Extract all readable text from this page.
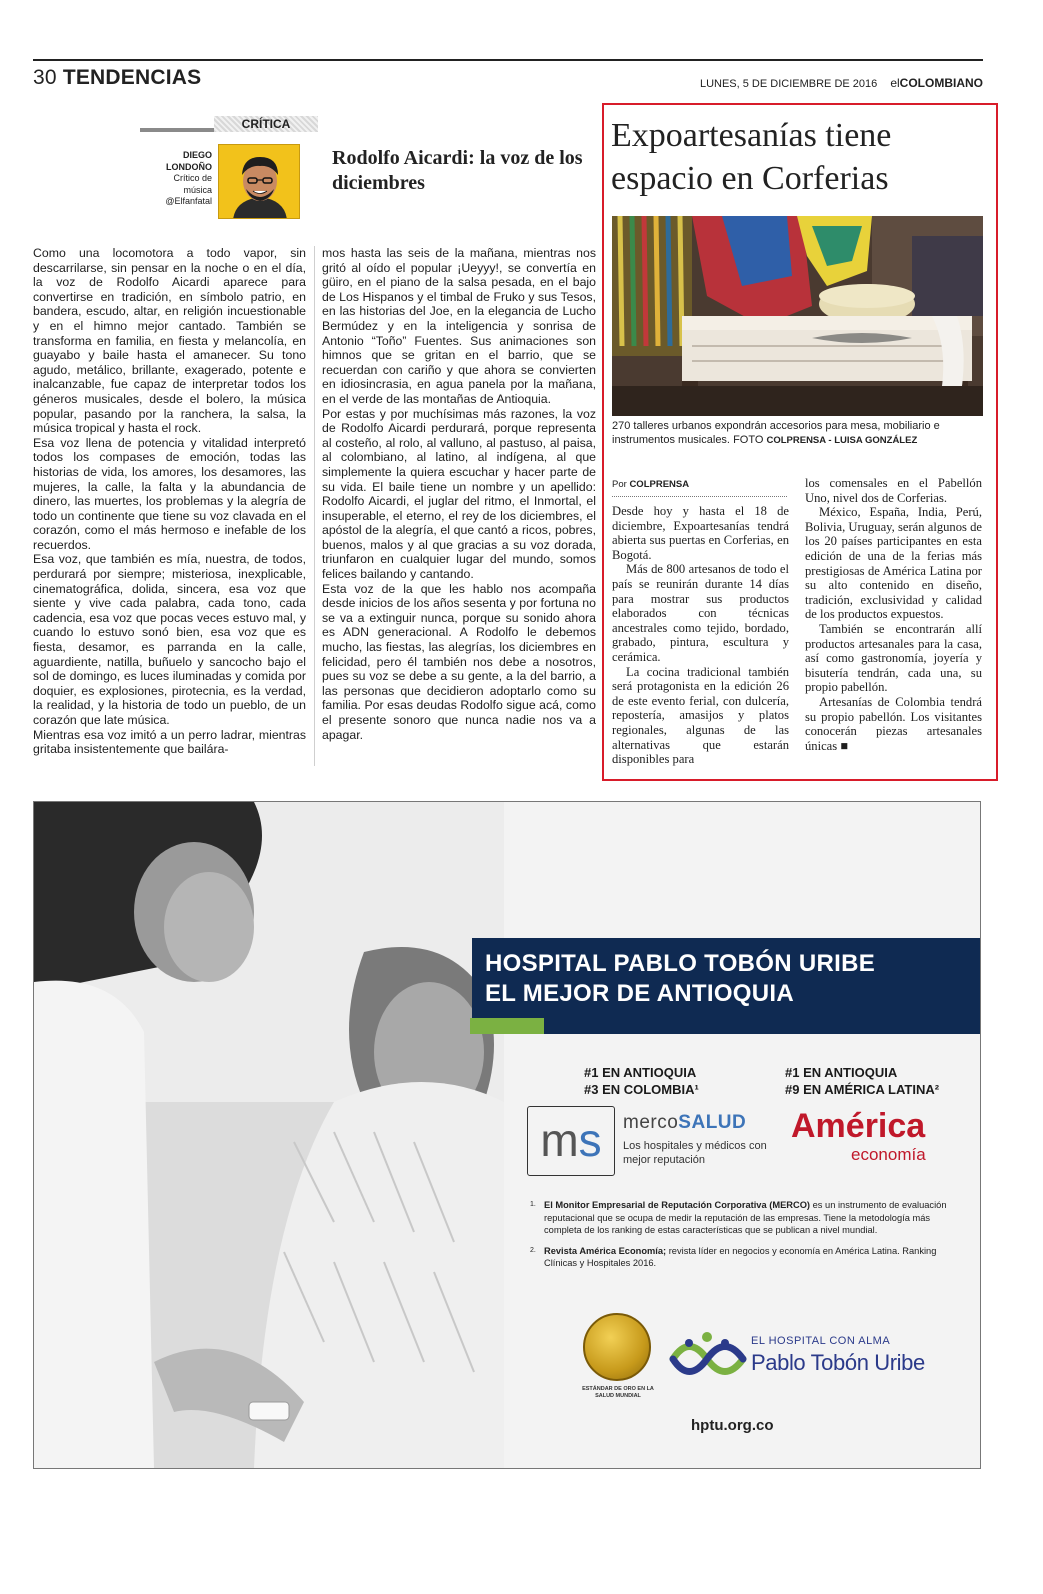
30 TENDENCIAS	LUNES, 5 DE DICIEMBRE DE 2016 elCOLOMBIANO
CRÍTICA
DIEGO
LONDOÑO
Crítico de
música
@Elfanfatal
Rodolfo Aicardi: la voz de los diciembres

Como una locomotora a todo vapor, sin descarrilarse, sin pensar en la noche o en el día, la voz de Rodolfo Aicardi aparece para convertirse en tradición, en símbolo patrio, en bandera, escudo, altar, en religión incuestionable y en el himno mejor cantado. También se transforma en familia, en fiesta y melancolía, en guayabo y baile hasta el amanecer. Su tono agudo, metálico, brillante, exagerado, potente e inalcanzable, fue capaz de interpretar todos los géneros musicales, desde el bolero, la música popular, pasando por la ranchera, la salsa, la música tropical y hasta el rock.

Esa voz llena de potencia y vitalidad interpretó todos los compases de emoción, todas las historias de vida, los amores, los desamores, las mujeres, la calle, la falta y la abundancia de dinero, las muertes, los problemas y la alegría de todo un continente que tiene su voz clavada en el corazón, como el más hermoso e inefable de los recuerdos.

Esa voz, que también es mía, nuestra, de todos, perdurará por siempre; misteriosa, inexplicable, cinematográfica, dolida, sincera, esa voz que siente y vive cada palabra, cada tono, cada cadencia, esa voz que pocas veces estuvo mal, y cuando lo estuvo sonó bien, esa voz que es fiesta, desamor, es parranda en la calle, aguardiente, natilla, buñuelo y sancocho bajo el sol de domingo, es luces iluminadas y comida por doquier, es explosiones, pirotecnia, es la verdad, la realidad, y la historia de todo un pueblo, de un corazón que late música.

Mientras esa voz imitó a un perro ladrar, mientras gritaba insistentemente que bailára-

mos hasta las seis de la mañana, mientras nos gritó al oído el popular ¡Ueyyy!, se convertía en güiro, en el piano de la salsa pesada, en el bajo de Los Hispanos y el timbal de Fruko y sus Tesos, en las historias del Joe, en la elegancia de Lucho Bermúdez y en la inteligencia y sonrisa de Antonio “Toño” Fuentes. Sus animaciones son himnos que se gritan en el barrio, que se recuerdan con cariño y que ahora se convierten en idiosincrasia, en agua panela por la mañana, en el verde de las montañas de Antioquia.

Por estas y por muchísimas más razones, la voz de Rodolfo Aicardi perdurará, porque representa al costeño, al rolo, al valluno, al pastuso, al paisa, al colombiano, al latino, al indígena, al que simplemente la quiera escuchar y hacer parte de su vida. El baile tiene un nombre y un apellido: Rodolfo Aicardi, el juglar del ritmo, el Inmortal, el insuperable, el eterno, el rey de los diciembres, el apóstol de la alegría, el que cantó a ricos, pobres, buenos, malos y al que gracias a su voz dorada, triunfaron en cualquier lugar del mundo, somos felices bailando y cantando.

Esta voz de la que les hablo nos acompaña desde inicios de los años sesenta y por fortuna no se va a extinguir nunca, porque su sonido ahora es ADN generacional. A Rodolfo le debemos mucho, las fiestas, las alegrías, los diciembres en felicidad, pero él también nos debe a nosotros, pues su voz se debe a su gente, a la del barrio, a las personas que decidieron adoptarlo como su familia. Por esas deudas Rodolfo sigue acá, como el presente sonoro que nunca nadie nos va a apagar.

Expoartesanías tiene espacio en Corferias
270 talleres urbanos expondrán accesorios para mesa, mobiliario e instrumentos musicales. FOTO COLPRENSA - LUISA GONZÁLEZ
Por COLPRENSA

Desde hoy y hasta el 18 de diciembre, Expoartesanías tendrá abierta sus puertas en Corferias, en Bogotá.

Más de 800 artesanos de todo el país se reunirán durante 14 días para mostrar sus productos elaborados con técnicas ancestrales como tejido, bordado, grabado, pintura, escultura y cerámica.

La cocina tradicional también será protagonista en la edición 26 de este evento ferial, con dulcería, repostería, amasijos y platos regionales, algunas de las alternativas que estarán disponibles para

los comensales en el Pabellón Uno, nivel dos de Corferias.

México, España, India, Perú, Bolivia, Uruguay, serán algunos de los 20 países participantes en esta edición de una de la ferias más prestigiosas de América Latina por su alto contenido en diseño, tradición, exclusividad y calidad de los productos expuestos.

También se encontrarán allí productos artesanales para la casa, así como gastronomía, joyería y bisutería tendrán, cada una, su propio pabellón.

Artesanías de Colombia tendrá su propio pabellón. Los visitantes conocerán piezas artesanales únicas ■

HOSPITAL PABLO TOBÓN URIBE
EL MEJOR DE ANTIOQUIA
#1 EN ANTIOQUIA
#3 EN COLOMBIA¹
#1 EN ANTIOQUIA
#9 EN AMÉRICA LATINA²
ms	mercoSALUD
Los hospitales y médicos con mejor reputación
América
economía
1. El Monitor Empresarial de Reputación Corporativa (MERCO) es un instrumento de evaluación reputacional que se ocupa de medir la reputación de las empresas. Tiene la metodología más completa de los ranking de estas características que se publican a nivel mundial.
2. Revista América Economía; revista líder en negocios y economía en América Latina. Ranking Clínicas y Hospitales 2016.
ESTÁNDAR DE ORO EN LA SALUD MUNDIAL
EL HOSPITAL CON ALMA
Pablo Tobón Uribe
hptu.org.co
